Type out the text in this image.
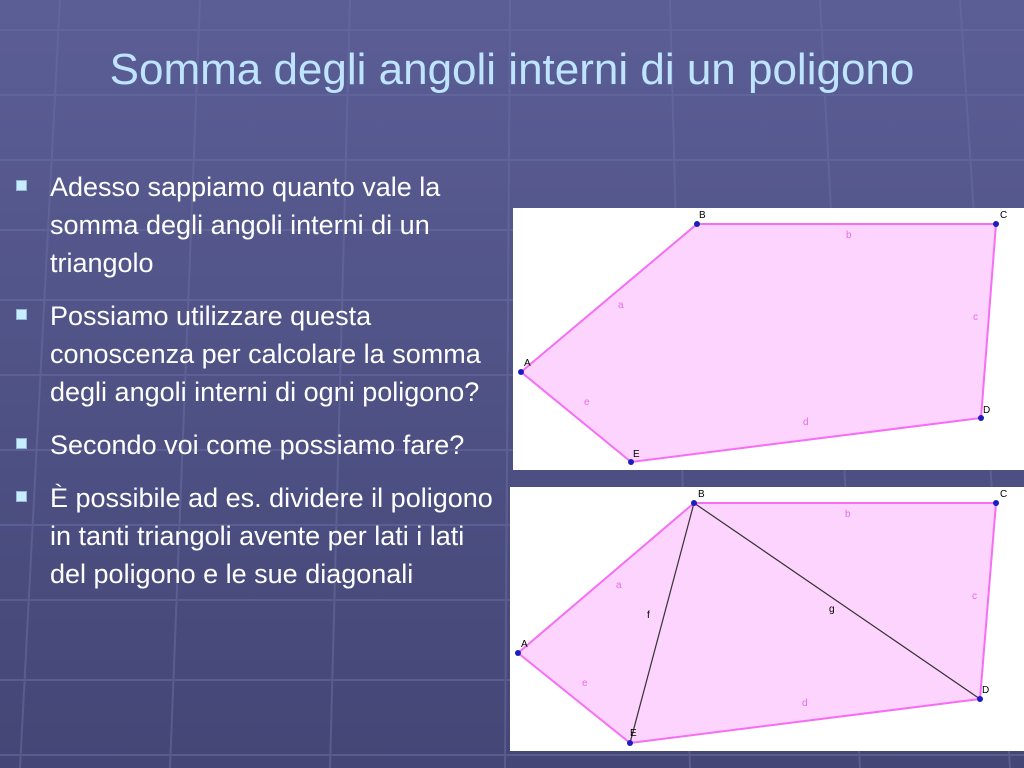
Somma degli angoli interni di un poligono
Adesso sappiamo quanto vale la somma degli angoli interni di un triangolo
Possiamo utilizzare questa conoscenza per calcolare la somma degli angoli interni di ogni poligono?
Secondo voi come possiamo fare?
È possibile ad es. dividere il poligono in tanti triangoli avente per lati i lati del poligono e le sue diagonali
A
B	C
D
E
a
b
c
d
e
A
B	C
D
E
a
b
c
d
e
f
g
